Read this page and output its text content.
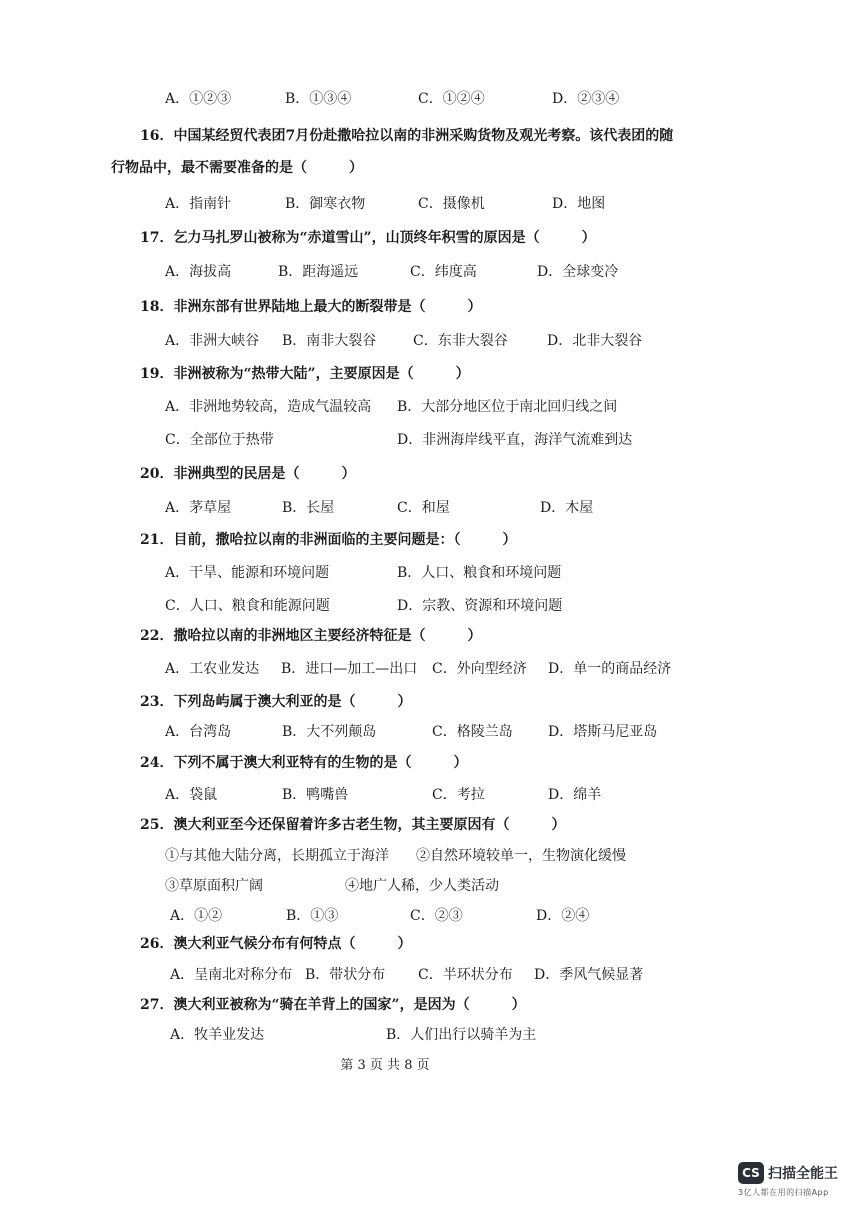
A．①②③	B．①③④	C．①②④	D．②③④
16．中国某经贸代表团7月份赴撒哈拉以南的非洲采购货物及观光考察。该代表团的随
行物品中，最不需要准备的是（　　　）
A．指南针	B．御寒衣物	C．摄像机	D．地图
17．乞力马扎罗山被称为“赤道雪山”，山顶终年积雪的原因是（　　　）
A．海拔高	B．距海遥远	C．纬度高	D．全球变冷
18．非洲东部有世界陆地上最大的断裂带是（　　　）
A．非洲大峡谷 B．南非大裂谷	C．东非大裂谷	D．北非大裂谷
19．非洲被称为“热带大陆”，主要原因是（　　　）
A．非洲地势较高，造成气温较高 B．大部分地区位于南北回归线之间
C．全部位于热带	D．非洲海岸线平直，海洋气流难到达
20．非洲典型的民居是（　　　）
A．茅草屋	B．长屋	C．和屋	D．木屋
21．目前，撒哈拉以南的非洲面临的主要问题是：（　　　）
A．干旱、能源和环境问题	B．人口、粮食和环境问题
C．人口、粮食和能源问题	D．宗教、资源和环境问题
22．撒哈拉以南的非洲地区主要经济特征是（　　　）
A．工农业发达 B．进口—加工—出口 C．外向型经济 D．单一的商品经济
23．下列岛屿属于澳大利亚的是（　　　）
A．台湾岛	B．大不列颠岛	C．格陵兰岛	D．塔斯马尼亚岛
24．下列不属于澳大利亚特有的生物的是（　　　）
A．袋鼠	B．鸭嘴兽	C．考拉	D．绵羊
25．澳大利亚至今还保留着许多古老生物，其主要原因有（　　　）
①与其他大陆分离，长期孤立于海洋 ②自然环境较单一，生物演化缓慢
③草原面积广阔	④地广人稀，少人类活动
A．①②	B．①③	C．②③	D．②④
26．澳大利亚气候分布有何特点（　　　）
A．呈南北对称分布 B．带状分布 C．半环状分布 D．季风气候显著
27．澳大利亚被称为“骑在羊背上的国家”，是因为（　　　）
A．牧羊业发达	B．人们出行以骑羊为主
第 3 页 共 8 页
CS 扫描全能王
3亿人都在用的扫描App
